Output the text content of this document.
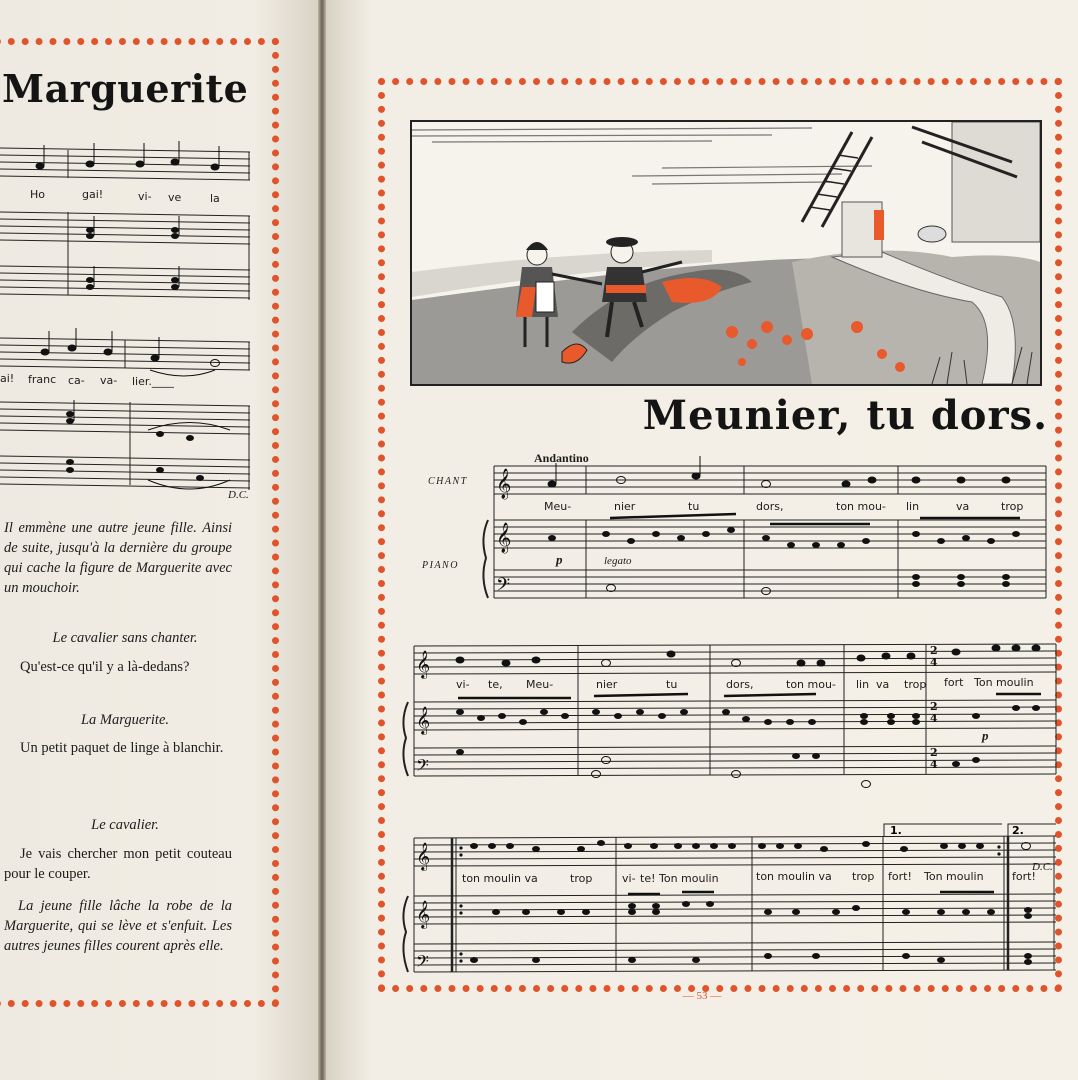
Marguerite
Ho	gai!	vi- ve	la
ai! franc ca- va- lier.____
D.C.
Il emmène une autre jeune fille. Ainsi de suite, jusqu'à la dernière du groupe qui cache la figure de Marguerite avec un mouchoir.
Le cavalier sans chanter.
Qu'est-ce qu'il y a là-dedans?
La Marguerite.
Un petit paquet de linge à blanchir.
Le cavalier.
Je vais chercher mon petit couteau pour le couper.
La jeune fille lâche la robe de la Marguerite, qui se lève et s'enfuit. Les autres jeunes filles courent après elle.
Meunier, tu dors.
Andantino
CHANT
PIANO
𝄞
𝄞
𝄢
Meu-	nier	tu	dors,	ton mou- lin	va	trop
p	legato
𝄞
𝄞
𝄢
2
4
2
4
2
4
vi- te, Meu-	nier	tu	dors,	ton mou- lin va trop fort Ton moulin
p
𝄞
𝄞
𝄢
1.	2.
ton moulin va	trop	vi- te! Ton moulin	ton moulin va trop fort! Ton moulin	fort!
D.C.
— 53 —
